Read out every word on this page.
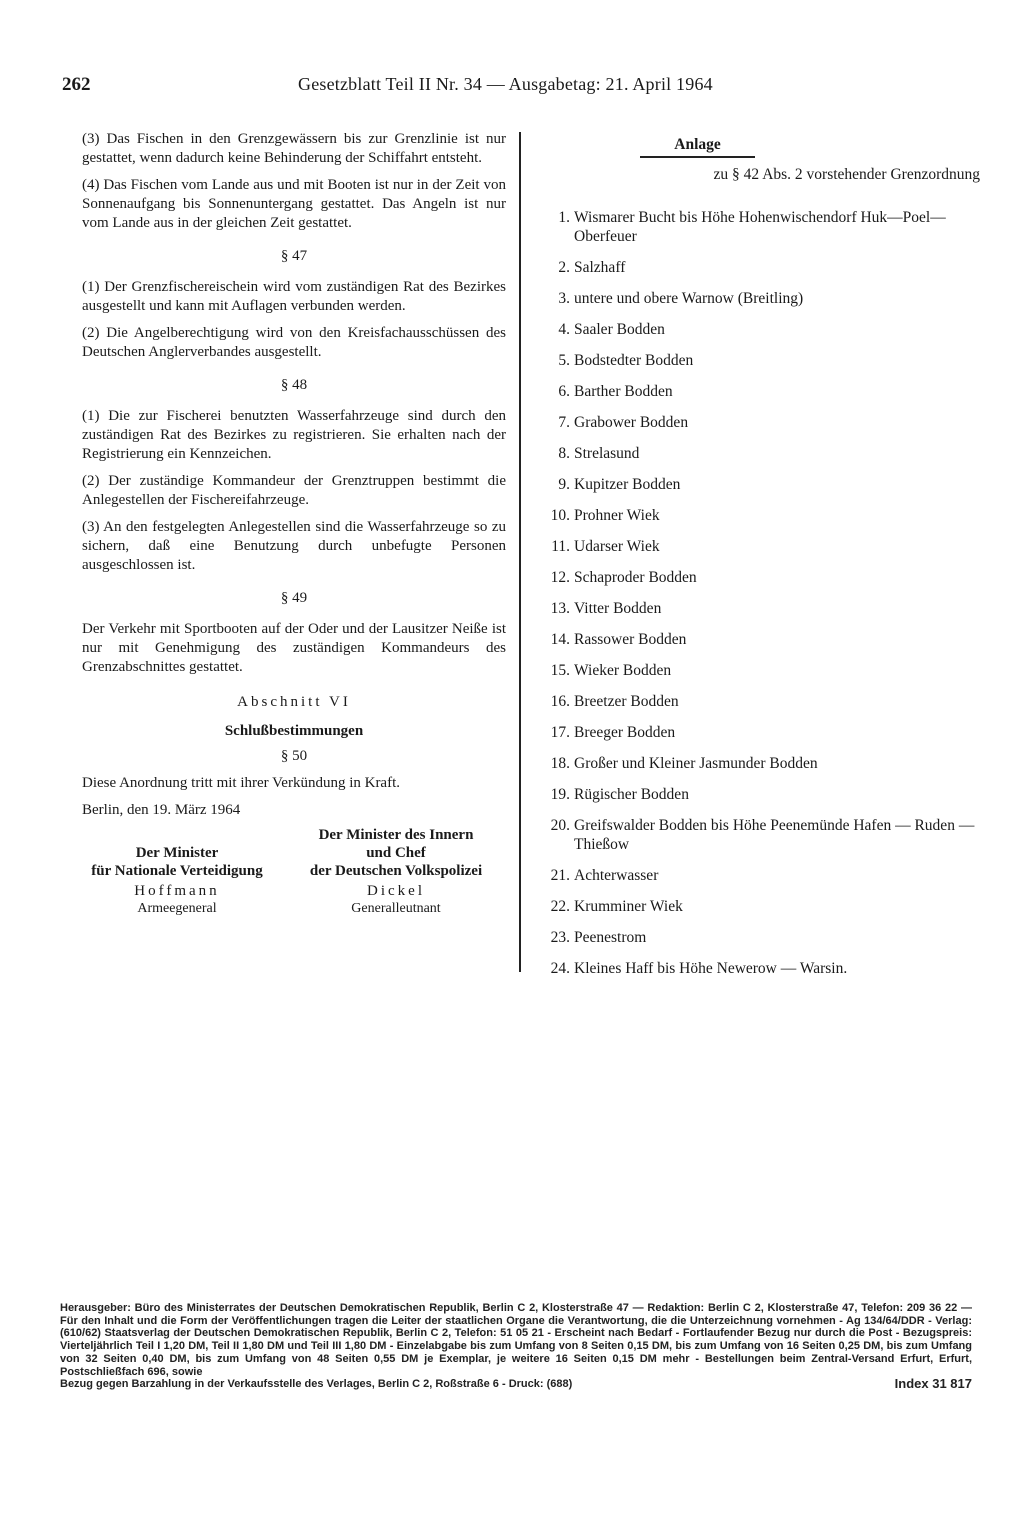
262	Gesetzblatt Teil II Nr. 34 — Ausgabetag: 21. April 1964

(3) Das Fischen in den Grenzgewässern bis zur Grenzlinie ist nur gestattet, wenn dadurch keine Behinderung der Schiffahrt entsteht.

(4) Das Fischen vom Lande aus und mit Booten ist nur in der Zeit von Sonnenaufgang bis Sonnenuntergang gestattet. Das Angeln ist nur vom Lande aus in der gleichen Zeit gestattet.

§ 47

(1) Der Grenzfischereischein wird vom zuständigen Rat des Bezirkes ausgestellt und kann mit Auflagen verbunden werden.

(2) Die Angelberechtigung wird von den Kreisfachausschüssen des Deutschen Anglerverbandes ausgestellt.

§ 48

(1) Die zur Fischerei benutzten Wasserfahrzeuge sind durch den zuständigen Rat des Bezirkes zu registrieren. Sie erhalten nach der Registrierung ein Kennzeichen.

(2) Der zuständige Kommandeur der Grenztruppen bestimmt die Anlegestellen der Fischereifahrzeuge.

(3) An den festgelegten Anlegestellen sind die Wasserfahrzeuge so zu sichern, daß eine Benutzung durch unbefugte Personen ausgeschlossen ist.

§ 49

Der Verkehr mit Sportbooten auf der Oder und der Lausitzer Neiße ist nur mit Genehmigung des zuständigen Kommandeurs des Grenzabschnittes gestattet.

Abschnitt VI
Schlußbestimmungen
§ 50

Diese Anordnung tritt mit ihrer Verkündung in Kraft.

Berlin, den 19. März 1964
Der Minister
für Nationale Verteidigung
Hoffmann
Armeegeneral
Der Minister des Innern
und Chef
der Deutschen Volkspolizei
Dickel
Generalleutnant
Anlage
zu § 42 Abs. 2 vorstehender Grenzordnung
1. Wismarer Bucht bis Höhe Hohenwischendorf Huk—Poel—Oberfeuer
2. Salzhaff
3. untere und obere Warnow (Breitling)
4. Saaler Bodden
5. Bodstedter Bodden
6. Barther Bodden
7. Grabower Bodden
8. Strelasund
9. Kupitzer Bodden
10. Prohner Wiek
11. Udarser Wiek
12. Schaproder Bodden
13. Vitter Bodden
14. Rassower Bodden
15. Wieker Bodden
16. Breetzer Bodden
17. Breeger Bodden
18. Großer und Kleiner Jasmunder Bodden
19. Rügischer Bodden
20. Greifswalder Bodden bis Höhe Peenemünde Hafen — Ruden — Thießow
21. Achterwasser
22. Krumminer Wiek
23. Peenestrom
24. Kleines Haff bis Höhe Newerow — Warsin.
Herausgeber: Büro des Ministerrates der Deutschen Demokratischen Republik, Berlin C 2, Klosterstraße 47 — Redaktion: Berlin C 2, Klosterstraße 47, Telefon: 209 36 22 — Für den Inhalt und die Form der Veröffentlichungen tragen die Leiter der staatlichen Organe die Verantwortung, die die Unterzeichnung vornehmen - Ag 134/64/DDR - Verlag: (610/62) Staatsverlag der Deutschen Demokratischen Republik, Berlin C 2, Telefon: 51 05 21 - Erscheint nach Bedarf - Fortlaufender Bezug nur durch die Post - Bezugspreis: Vierteljährlich Teil I 1,20 DM, Teil II 1,80 DM und Teil III 1,80 DM - Einzelabgabe bis zum Umfang von 8 Seiten 0,15 DM, bis zum Umfang von 16 Seiten 0,25 DM, bis zum Umfang von 32 Seiten 0,40 DM, bis zum Umfang von 48 Seiten 0,55 DM je Exemplar, je weitere 16 Seiten 0,15 DM mehr - Bestellungen beim Zentral-Versand Erfurt, Erfurt, Postschließfach 696, sowie
Bezug gegen Barzahlung in der Verkaufsstelle des Verlages, Berlin C 2, Roßstraße 6 - Druck: (688)	Index 31 817
